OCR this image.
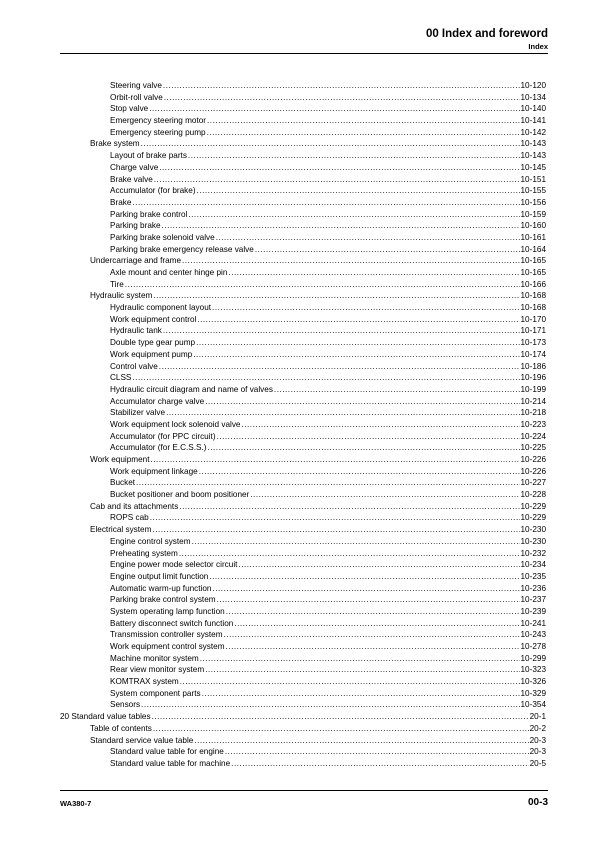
00 Index and foreword
Index
Steering valve .....	10-120
Orbit-roll valve .....	10-134
Stop valve .....	10-140
Emergency steering motor .....	10-141
Emergency steering pump .....	10-142
Brake system .....	10-143
Layout of brake parts .....	10-143
Charge valve .....	10-145
Brake valve .....	10-151
Accumulator (for brake) .....	10-155
Brake .....	10-156
Parking brake control .....	10-159
Parking brake .....	10-160
Parking brake solenoid valve .....	10-161
Parking brake emergency release valve .....	10-164
Undercarriage and frame .....	10-165
Axle mount and center hinge pin .....	10-165
Tire .....	10-166
Hydraulic system .....	10-168
Hydraulic component layout .....	10-168
Work equipment control .....	10-170
Hydraulic tank .....	10-171
Double type gear pump .....	10-173
Work equipment pump .....	10-174
Control valve .....	10-186
CLSS .....	10-196
Hydraulic circuit diagram and name of valves .....	10-199
Accumulator charge valve .....	10-214
Stabilizer valve .....	10-218
Work equipment lock solenoid valve .....	10-223
Accumulator (for PPC circuit) .....	10-224
Accumulator (for E.C.S.S.) .....	10-225
Work equipment .....	10-226
Work equipment linkage .....	10-226
Bucket .....	10-227
Bucket positioner and boom positioner .....	10-228
Cab and its attachments .....	10-229
ROPS cab .....	10-229
Electrical system .....	10-230
Engine control system .....	10-230
Preheating system .....	10-232
Engine power mode selector circuit .....	10-234
Engine output limit function .....	10-235
Automatic warm-up function .....	10-236
Parking brake control system .....	10-237
System operating lamp function .....	10-239
Battery disconnect switch function .....	10-241
Transmission controller system .....	10-243
Work equipment control system .....	10-278
Machine monitor system .....	10-299
Rear view monitor system .....	10-323
KOMTRAX system .....	10-326
System component parts .....	10-329
Sensors .....	10-354
20 Standard value tables .....	20-1
Table of contents .....	20-2
Standard service value table .....	20-3
Standard value table for engine .....	20-3
Standard value table for machine .....	20-5
WA380-7	00-3
